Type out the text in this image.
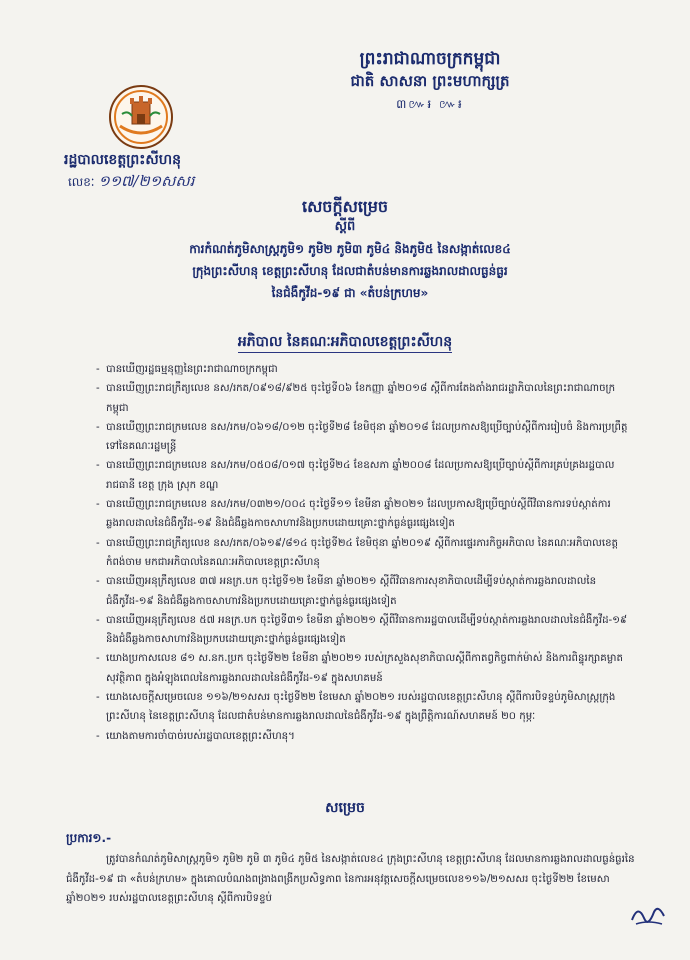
ព្រះរាជាណាចក្រកម្ពុជា
ជាតិ សាសនា ព្រះមហាក្សត្រ
៣៚៛ ៚៛
រដ្ឋបាលខេត្តព្រះសីហនុ
លេខៈ ១១៧/២១សសរ
សេចក្តីសម្រេច
ស្តីពី
ការកំណត់ភូមិសាស្រ្តភូមិ១ ភូមិ២ ភូមិ៣ ភូមិ៤ និងភូមិ៥ នៃសង្កាត់លេខ៤
ក្រុងព្រះសីហនុ ខេត្តព្រះសីហនុ ដែលជាតំបន់មានការឆ្លងរាលដាលធ្ងន់ធ្ងរ
នៃជំងឺកូវីដ-១៩ ជា «តំបន់ក្រហម»
អភិបាល នៃគណៈអភិបាលខេត្តព្រះសីហនុ
- បានឃើញរដ្ឋធម្មនុញ្ញនៃព្រះរាជាណាចក្រកម្ពុជា
- បានឃើញព្រះរាជក្រឹត្យលេខ នស/រកត/០៩១៨/៩២៥ ចុះថ្ងៃទី០៦ ខែកញ្ញា ឆ្នាំ២០១៨ ស្តីពីការតែងតាំងរាជរដ្ឋាភិបាលនៃព្រះរាជាណាចក្រកម្ពុជា
- បានឃើញព្រះរាជក្រមលេខ នស/រកម/០៦១៨/០១២ ចុះថ្ងៃទី២៨ ខែមិថុនា ឆ្នាំ២០១៨ ដែលប្រកាសឱ្យប្រើច្បាប់ស្តីពីការរៀបចំ និងការប្រព្រឹត្តទៅនៃគណៈរដ្ឋមន្ត្រី
- បានឃើញព្រះរាជក្រមលេខ នស/រកម/០៥០៨/០១៧ ចុះថ្ងៃទី២៤ ខែឧសភា ឆ្នាំ២០០៨ ដែលប្រកាសឱ្យប្រើច្បាប់ស្តីពីការគ្រប់គ្រងរដ្ឋបាលរាជធានី ខេត្ត ក្រុង ស្រុក ខណ្ឌ
- បានឃើញព្រះរាជក្រមលេខ នស/រកម/០៣២១/០០៤ ចុះថ្ងៃទី១១ ខែមីនា ឆ្នាំ២០២១ ដែលប្រកាសឱ្យប្រើច្បាប់ស្តីពីវិធានការទប់ស្កាត់ការឆ្លងរាលដាលនៃជំងឺកូវីដ-១៩ និងជំងឺឆ្លងកាចសាហាវនិងប្រកបដោយគ្រោះថ្នាក់ធ្ងន់ធ្ងរផ្សេងទៀត
- បានឃើញព្រះរាជក្រឹត្យលេខ នស/រកត/០៦១៩/៨១៤ ចុះថ្ងៃទី២៤ ខែមិថុនា ឆ្នាំ២០១៩ ស្តីពីការផ្ទេរភារកិច្ចអភិបាល នៃគណៈអភិបាលខេត្តកំពង់ចាម មកជាអភិបាលនៃគណៈអភិបាលខេត្តព្រះសីហនុ
- បានឃើញអនុក្រឹត្យលេខ ៣៧ អនក្រ.បក ចុះថ្ងៃទី១២ ខែមីនា ឆ្នាំ២០២១ ស្តីពីវិធានការសុខាភិបាលដើម្បីទប់ស្កាត់ការឆ្លងរាលដាលនៃជំងឺកូវីដ-១៩ និងជំងឺឆ្លងកាចសាហាវនិងប្រកបដោយគ្រោះថ្នាក់ធ្ងន់ធ្ងរផ្សេងទៀត
- បានឃើញអនុក្រឹត្យលេខ ៥៧ អនក្រ.បក ចុះថ្ងៃទី៣១ ខែមីនា ឆ្នាំ២០២១ ស្តីពីវិធានការរដ្ឋបាលដើម្បីទប់ស្កាត់ការឆ្លងរាលដាលនៃជំងឺកូវីដ-១៩ និងជំងឺឆ្លងកាចសាហាវនិងប្រកបដោយគ្រោះថ្នាក់ធ្ងន់ធ្ងរផ្សេងទៀត
- យោងប្រកាសលេខ ៨១ ស.នក.ប្រក ចុះថ្ងៃទី២២ ខែមីនា ឆ្នាំ២០២១ របស់ក្រសួងសុខាភិបាលស្តីពីកាតព្វកិច្ចពាក់ម៉ាស់ និងការពិន្ទុរក្សាគម្លាតសុវត្ថិភាព ក្នុងអំឡុងពេលនៃការឆ្លងរាលដាលនៃជំងឺកូវីដ-១៩ ក្នុងសហគមន៍
- យោងសេចក្តីសម្រេចលេខ ១១៦/២១សសរ ចុះថ្ងៃទី២២ ខែមេសា ឆ្នាំ២០២១ របស់រដ្ឋបាលខេត្តព្រះសីហនុ ស្តីពីការបិទខ្ទប់ភូមិសាស្រ្តក្រុងព្រះសីហនុ នៃខេត្តព្រះសីហនុ ដែលជាតំបន់មានការឆ្លងរាលដាលនៃជំងឺកូវីដ-១៩ ក្នុងព្រឹត្តិការណ៍សហគមន៍ ២០ កុម្ភៈ
- យោងតាមការចាំបាច់របស់រដ្ឋបាលខេត្តព្រះសីហនុ។
សម្រេច
ប្រការ១.-
ត្រូវបានកំណត់ភូមិសាស្រ្តភូមិ១ ភូមិ២ ភូមិ ៣ ភូមិ៤ ភូមិ៥ នៃសង្កាត់លេខ៤ ក្រុងព្រះសីហនុ ខេត្តព្រះសីហនុ ដែលមានការឆ្លងរាលដាលធ្ងន់ធ្ងរនៃជំងឺកូវីដ-១៩ ជា «តំបន់ក្រហម» ក្នុងគោលបំណងពង្រាងពង្រីកប្រសិទ្ធភាព នៃការអនុវត្តសេចក្តីសម្រេចលេខ១១៦/២១សសរ ចុះថ្ងៃទី២២ ខែមេសា ឆ្នាំ២០២១ របស់រដ្ឋបាលខេត្តព្រះសីហនុ ស្តីពីការបិទខ្ទប់
